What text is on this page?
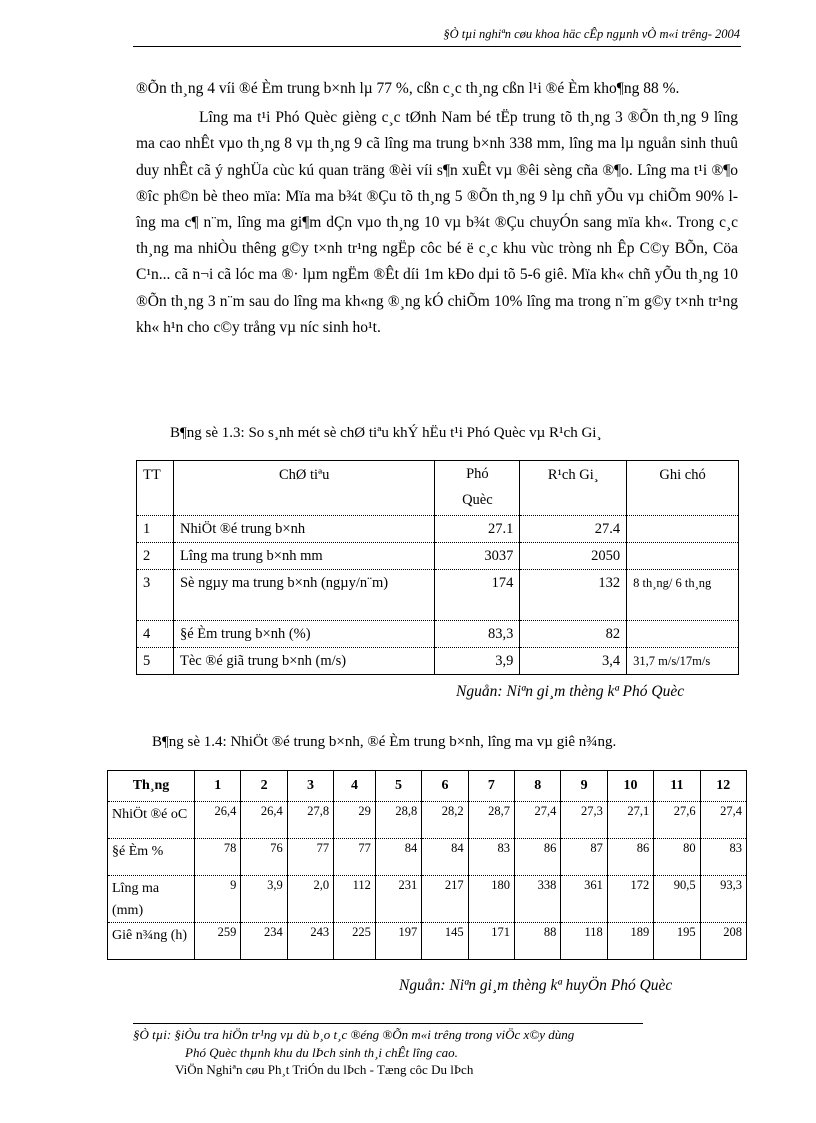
§Ò tµi nghiªn cøu khoa häc cÊp ngµnh vÒ m«i trêng- 2004

®Õn th¸ng 4 víi ®é Èm trung b×nh lµ 77 %, cßn c¸c th¸ng cßn l¹i ®é Èm kho¶ng 88 %.

Lîng ma t¹i Phó Quèc gièng c¸c tØnh Nam bé tËp trung tõ th¸ng 3 ®Õn th¸ng 9 lîng ma cao nhÊt vµo th¸ng 8 vµ th¸ng 9 cã lîng ma trung b×nh 338 mm, lîng ma lµ nguån sinh thuû duy nhÊt cã ý nghÜa cùc kú quan träng ®èi víi s¶n xuÊt vµ ®êi sèng cña ®¶o. Lîng ma t¹i ®¶o ®îc ph©n bè theo mïa: Mïa ma b¾t ®Çu tõ th¸ng 5 ®Õn th¸ng 9 lµ chñ yÕu vµ chiÕm 90% lîng ma c¶ n¨m, lîng ma gi¶m dÇn vµo th¸ng 10 vµ b¾t ®Çu chuyÓn sang mïa kh«. Trong c¸c th¸ng ma nhiÒu thêng g©y t×nh tr¹ng ngËp côc bé ë c¸c khu vùc tròng nh Êp C©y BÕn, Cöa C¹n... cã n¬i cã lóc ma ®· lµm ngËm ®Êt díi 1m kÐo dµi tõ 5-6 giê. Mïa kh« chñ yÕu th¸ng 10 ®Õn th¸ng 3 n¨m sau do lîng ma kh«ng ®¸ng kÓ chiÕm 10% lîng ma trong n¨m g©y t×nh tr¹ng kh« h¹n cho c©y trång vµ níc sinh ho¹t.

B¶ng sè 1.3: So s¸nh mét sè chØ tiªu khÝ hËu t¹i Phó Quèc vµ R¹ch Gi¸
TT	ChØ tiªu	Phó Quèc	R¹ch Gi¸	Ghi chó
1	NhiÖt ®é trung b×nh	27.1	27.4	
2	Lîng ma trung b×nh mm	3037	2050	
3	Sè ngµy ma trung b×nh (ngµy/n¨m)	174	132	8 th¸ng/ 6 th¸ng
4	§é Èm trung b×nh (%)	83,3	82	
5	Tèc ®é giã trung b×nh (m/s)	3,9	3,4	31,7 m/s/17m/s
Nguån: Niªn gi¸m thèng kª Phó Quèc
B¶ng sè 1.4: NhiÖt ®é trung b×nh, ®é Èm trung b×nh, lîng ma vµ giê n¾ng.
Th¸ng	1	2	3	4	5	6	7	8	9	10	11	12
NhiÖt ®é oC	26,4	26,4	27,8	29	28,8	28,2	28,7	27,4	27,3	27,1	27,6	27,4
§é Èm %	78	76	77	77	84	84	83	86	87	86	80	83
Lîng ma (mm)	9	3,9	2,0	112	231	217	180	338	361	172	90,5	93,3
Giê n¾ng (h)	259	234	243	225	197	145	171	88	118	189	195	208
Nguån: Niªn gi¸m thèng kª huyÖn Phó Quèc
§Ò tµi: §iÒu tra hiÖn tr¹ng vµ dù b¸o t¸c ®éng ®Õn m«i trêng trong viÖc x©y dùng
Phó Quèc thµnh khu du lÞch sinh th¸i chÊt lîng cao.
ViÖn Nghiªn cøu Ph¸t TriÓn du lÞch - Tæng côc Du lÞch
